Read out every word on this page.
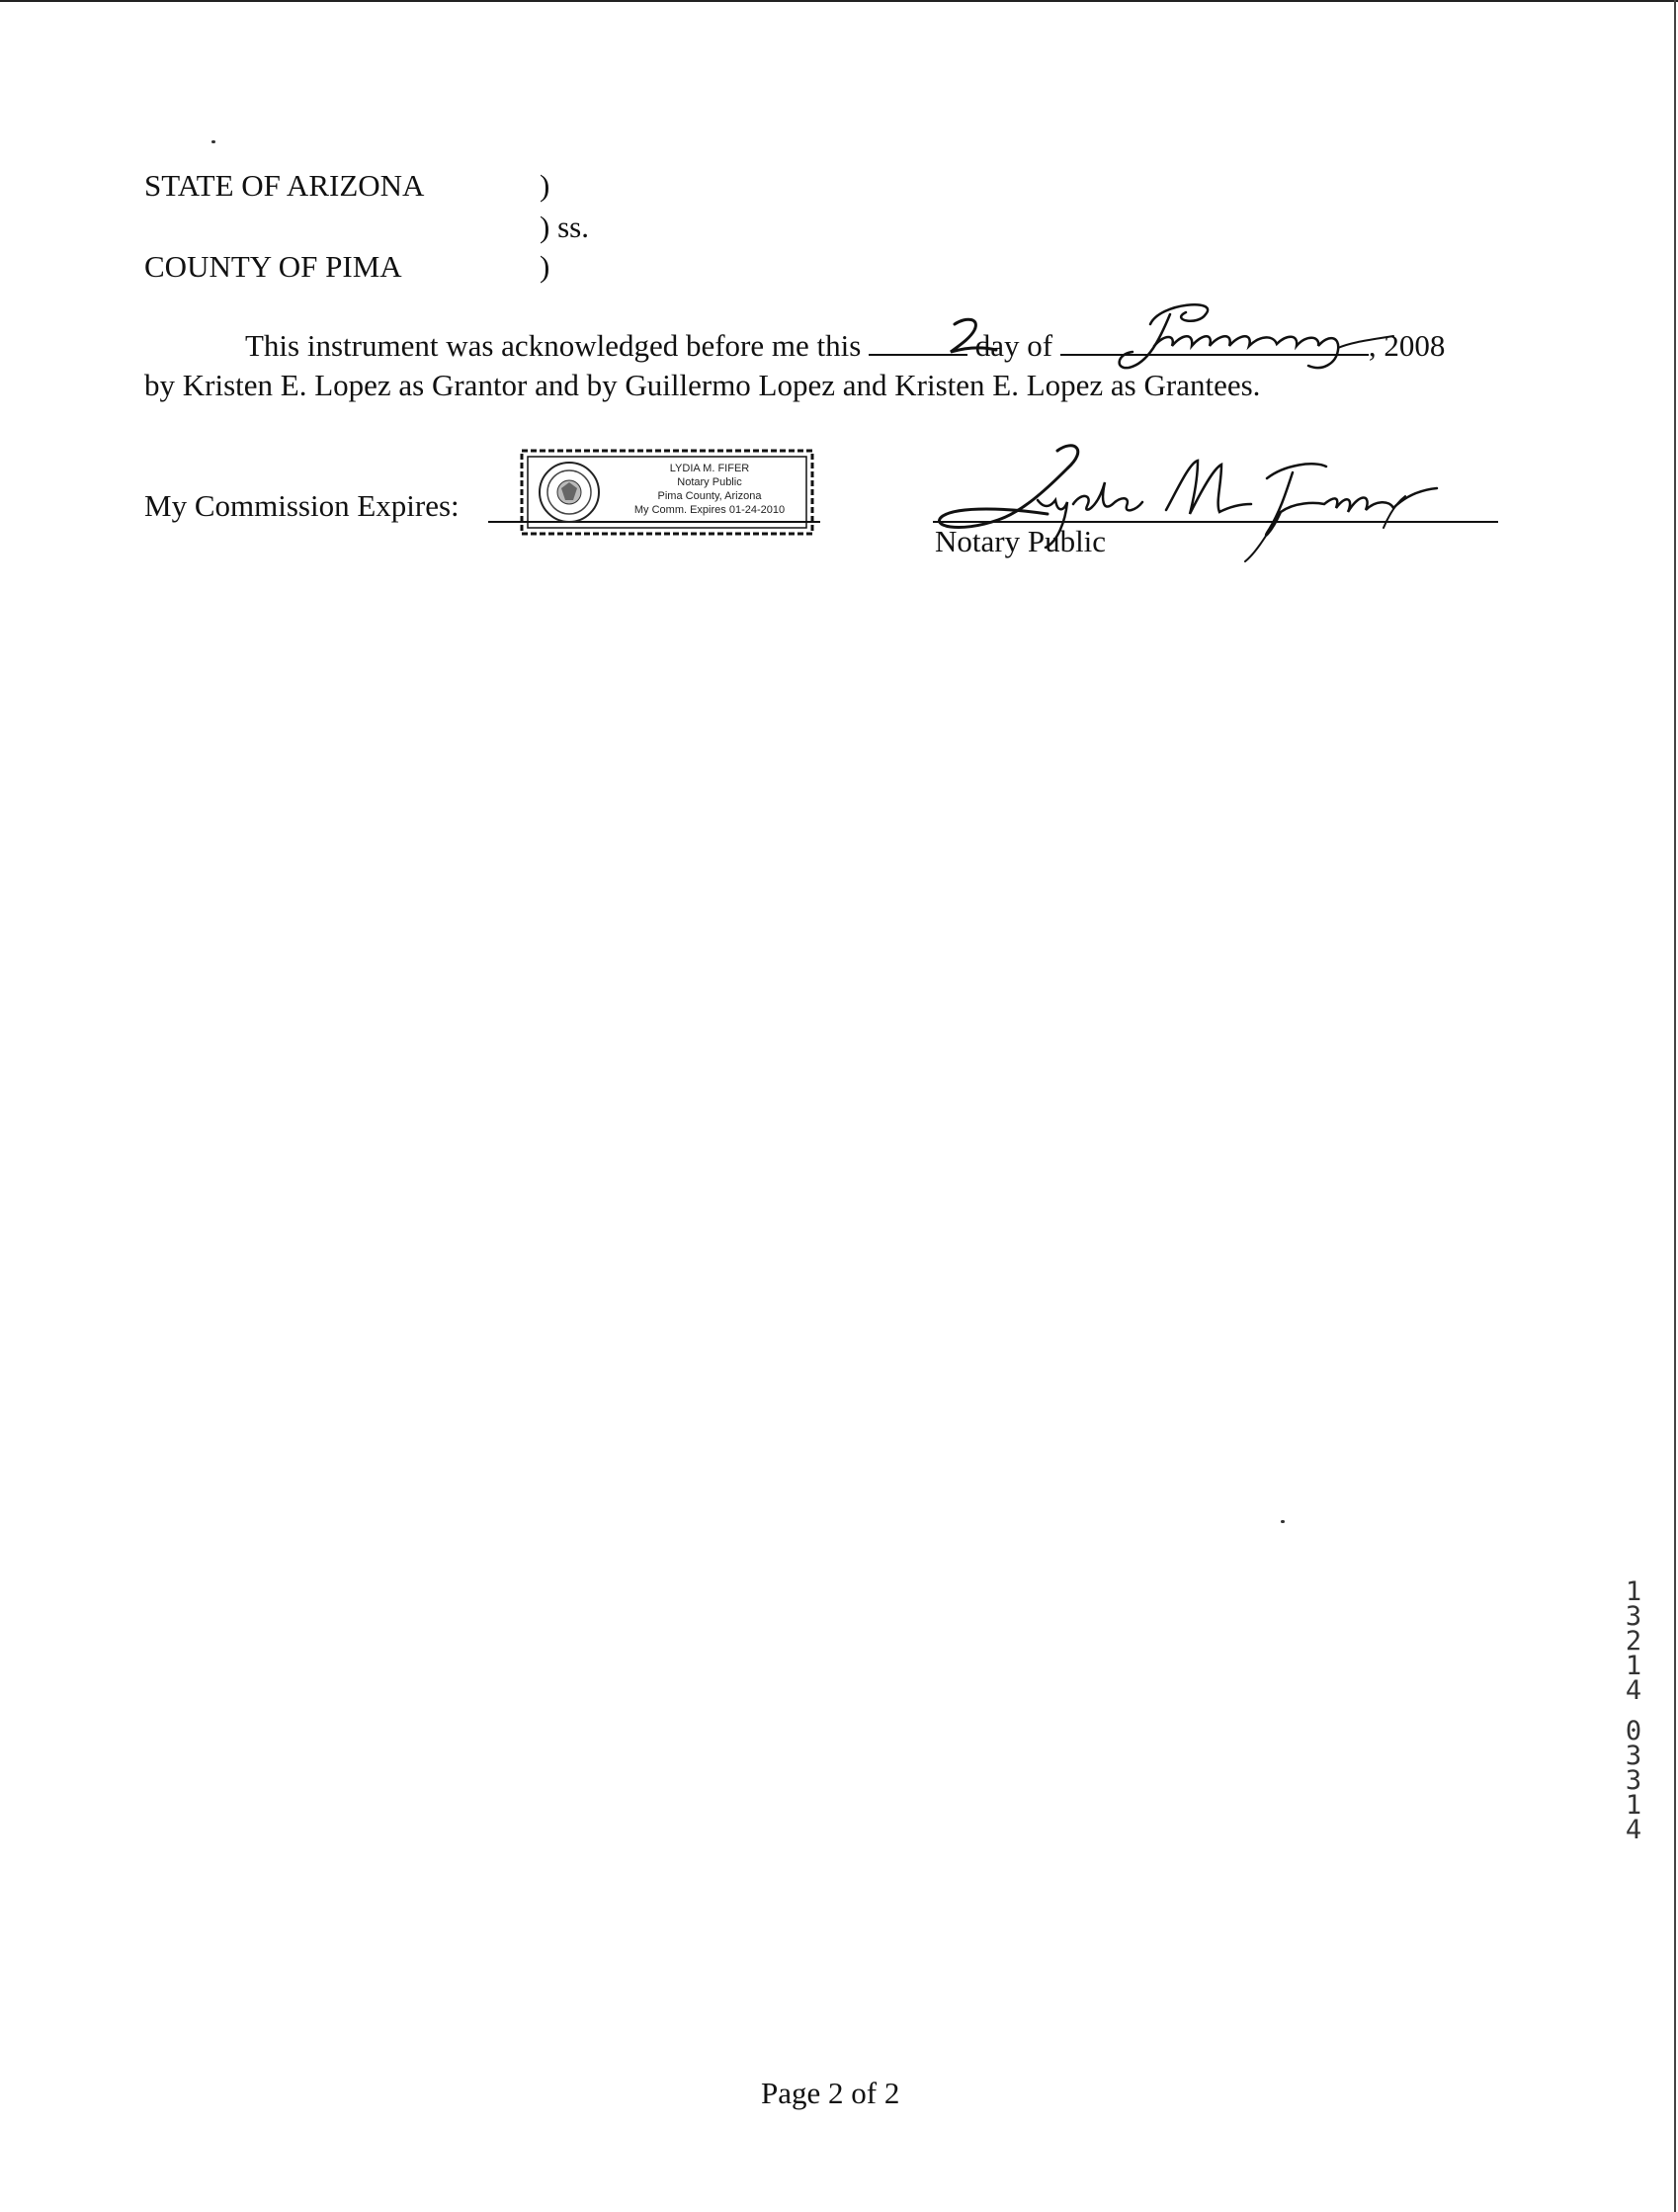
STATE OF ARIZONA	)
) ss.
COUNTY OF PIMA	)
This instrument was acknowledged before me this	day of	, 2008
by Kristen E. Lopez as Grantor and by Guillermo Lopez and Kristen E. Lopez as Grantees.
My Commission Expires:
LYDIA M. FIFER
Notary Public
Pima County, Arizona
My Comm. Expires 01-24-2010
Notary Public
Page 2 of 2
1
3
2
1
4
0
3
3
1
4
